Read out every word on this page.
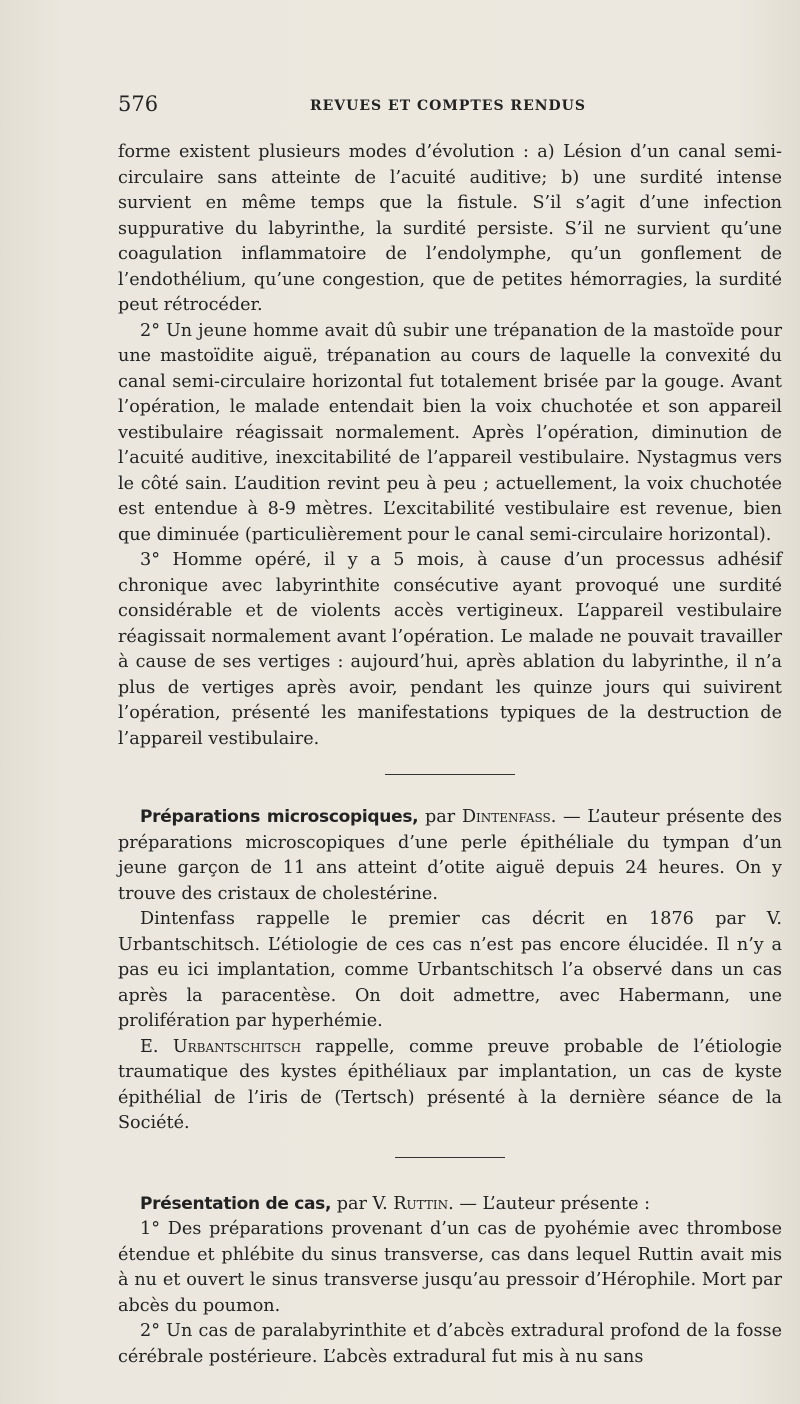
576	REVUES ET COMPTES RENDUS

forme existent plusieurs modes d’évolution : a) Lésion d’un canal semi-circulaire sans atteinte de l’acuité auditive; b) une surdité intense survient en même temps que la fistule. S’il s’agit d’une infection suppurative du labyrinthe, la surdité persiste. S’il ne survient qu’une coagulation inflammatoire de l’endolymphe, qu’un gonflement de l’endothélium, qu’une congestion, que de petites hémorragies, la surdité peut rétrocéder.

2° Un jeune homme avait dû subir une trépanation de la mastoïde pour une mastoïdite aiguë, trépanation au cours de laquelle la convexité du canal semi-circulaire horizontal fut totalement brisée par la gouge. Avant l’opération, le malade entendait bien la voix chuchotée et son appareil vestibulaire réagissait normalement. Après l’opération, diminution de l’acuité auditive, inexcitabilité de l’appareil vestibulaire. Nystagmus vers le côté sain. L’audition revint peu à peu ; actuellement, la voix chuchotée est entendue à 8-9 mètres. L’excitabilité vestibulaire est revenue, bien que diminuée (particulièrement pour le canal semi-circulaire horizontal).

3° Homme opéré, il y a 5 mois, à cause d’un processus adhésif chronique avec labyrinthite consécutive ayant provoqué une surdité considérable et de violents accès vertigineux. L’appareil vestibulaire réagissait normalement avant l’opération. Le malade ne pouvait travailler à cause de ses vertiges : aujourd’hui, après ablation du labyrinthe, il n’a plus de vertiges après avoir, pendant les quinze jours qui suivirent l’opération, présenté les manifestations typiques de la destruction de l’appareil vestibulaire.

Préparations microscopiques, par Dintenfass. — L’auteur présente des préparations microscopiques d’une perle épithéliale du tympan d’un jeune garçon de 11 ans atteint d’otite aiguë depuis 24 heures. On y trouve des cristaux de cholestérine.

Dintenfass rappelle le premier cas décrit en 1876 par V. Urbantschitsch. L’étiologie de ces cas n’est pas encore élucidée. Il n’y a pas eu ici implantation, comme Urbantschitsch l’a observé dans un cas après la paracentèse. On doit admettre, avec Habermann, une prolifération par hyperhémie.

E. Urbantschitsch rappelle, comme preuve probable de l’étiologie traumatique des kystes épithéliaux par implantation, un cas de kyste épithélial de l’iris de (Tertsch) présenté à la dernière séance de la Société.

Présentation de cas, par V. Ruttin. — L’auteur présente :

1° Des préparations provenant d’un cas de pyohémie avec thrombose étendue et phlébite du sinus transverse, cas dans lequel Ruttin avait mis à nu et ouvert le sinus transverse jusqu’au pressoir d’Hérophile. Mort par abcès du poumon.

2° Un cas de paralabyrinthite et d’abcès extradural profond de la fosse cérébrale postérieure. L’abcès extradural fut mis à nu sans
